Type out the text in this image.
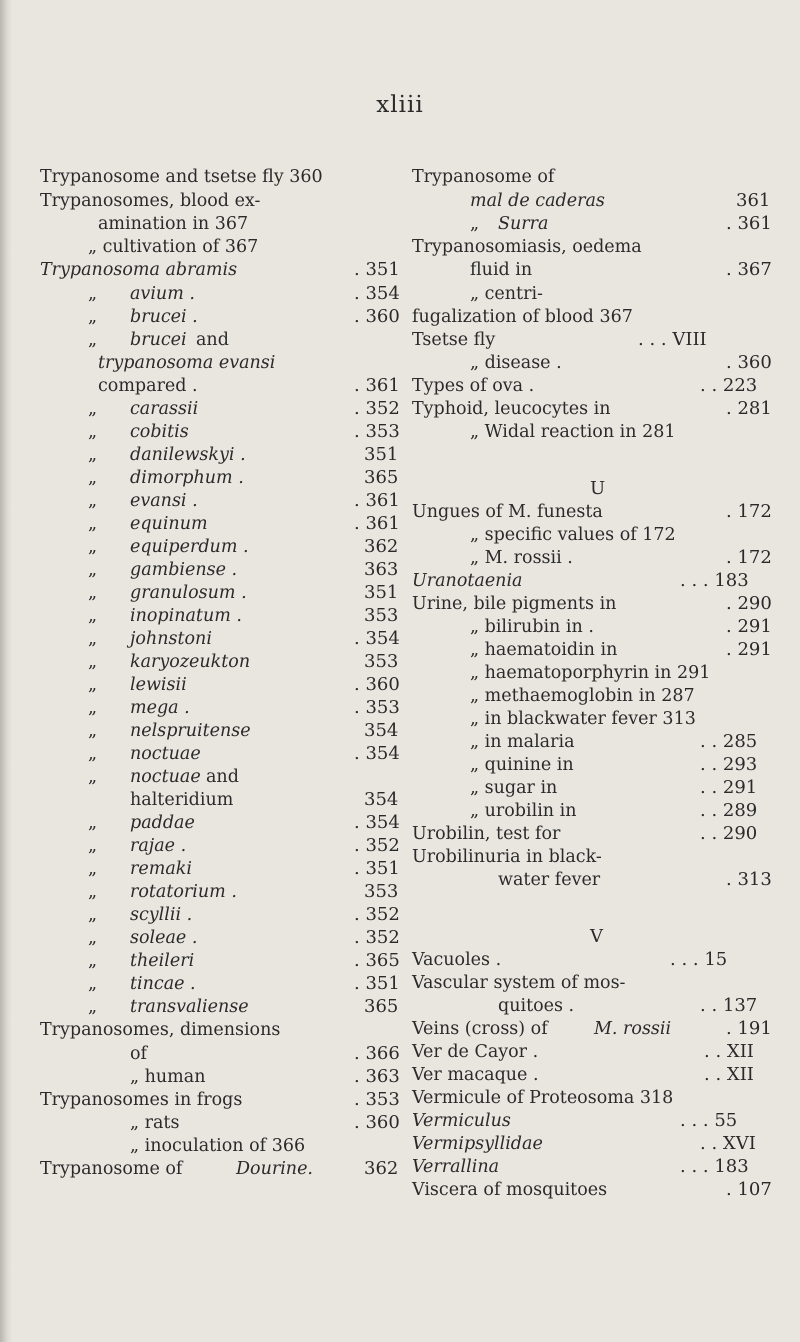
xliii
Trypanosome and tsetse fly 360
Trypanosomes, blood ex-
amination in 367
„ cultivation of 367
Trypanosoma abramis	. 351
„ avium .	. 354
„ brucei .	. 360
„ brucei and
trypanosoma evansi
compared .	. 361
„ carassii	. 352
„ cobitis	. 353
„ danilewskyi .	351
„ dimorphum .	365
„ evansi .	. 361
„ equinum	. 361
„ equiperdum .	362
„ gambiense .	363
„ granulosum .	351
„ inopinatum .	353
„ johnstoni	. 354
„ karyozeukton	353
„ lewisii	. 360
„ mega .	. 353
„ nelspruitense	354
„ noctuae	. 354
„ noctuae and
halteridium	354
„ paddae	. 354
„ rajae .	. 352
„ remaki	. 351
„ rotatorium .	353
„ scyllii .	. 352
„ soleae .	. 352
„ theileri	. 365
„ tincae .	. 351
„ transvaliense	365
Trypanosomes, dimensions
of	. 366
„ human	. 363
Trypanosomes in frogs	. 353
„ rats	. 360
„ inoculation of 366
Trypanosome of	Dourine.	362
Trypanosome of
mal de caderas	361
„ Surra	. 361
Trypanosomiasis, oedema
fluid in	. 367
„ centri-
fugalization of blood 367
Tsetse fly	. . . VIII
„ disease .	. 360
Types of ova .	. . 223
Typhoid, leucocytes in	. 281
„ Widal reaction in 281
U
Ungues of M. funesta	. 172
„ specific values of 172
„ M. rossii .	. 172
Uranotaenia	. . . 183
Urine, bile pigments in	. 290
„ bilirubin in .	. 291
„ haematoidin in	. 291
„ haematoporphyrin in 291
„ methaemoglobin in 287
„ in blackwater fever 313
„ in malaria	. . 285
„ quinine in	. . 293
„ sugar in	. . 291
„ urobilin in	. . 289
Urobilin, test for	. . 290
Urobilinuria in black-
water fever	. 313
V
Vacuoles .	. . . 15
Vascular system of mos-
quitoes .	. . 137
Veins (cross) of	M. rossii	. 191
Ver de Cayor .	. . XII
Ver macaque .	. . XII
Vermicule of Proteosoma 318
Vermiculus	. . . 55
Vermipsyllidae	. . XVI
Verrallina	. . . 183
Viscera of mosquitoes	. 107
